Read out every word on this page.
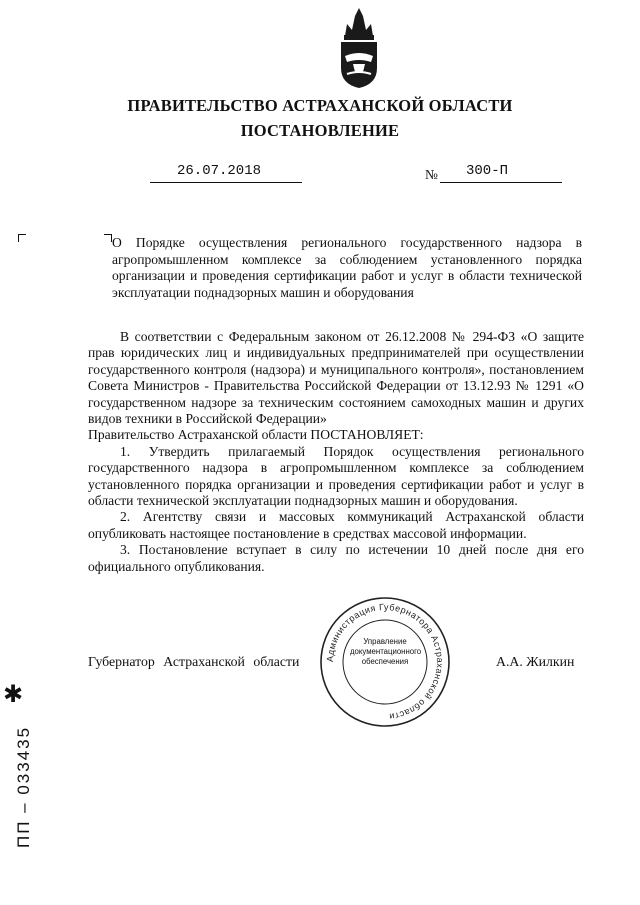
ПРАВИТЕЛЬСТВО АСТРАХАНСКОЙ ОБЛАСТИ
ПОСТАНОВЛЕНИЕ
26.07.2018	№ 300-П
О Порядке осуществления регионального государственного надзора в агропромышленном комплексе за соблюдением установленного порядка организации и проведения сертификации работ и услуг в области технической эксплуатации поднадзорных машин и оборудования

В соответствии с Федеральным законом от 26.12.2008 № 294-ФЗ «О защите прав юридических лиц и индивидуальных предпринимателей при осуществлении государственного контроля (надзора) и муниципального контроля», постановлением Совета Министров - Правительства Российской Федерации от 13.12.93 № 1291 «О государственном надзоре за техническим состоянием самоходных машин и других видов техники в Российской Федерации»

Правительство Астраханской области ПОСТАНОВЛЯЕТ:

1. Утвердить прилагаемый Порядок осуществления регионального государственного надзора в агропромышленном комплексе за соблюдением установленного порядка организации и проведения сертификации работ и услуг в области технической эксплуатации поднадзорных машин и оборудования.

2. Агентству связи и массовых коммуникаций Астраханской области опубликовать настоящее постановление в средствах массовой информации.

3. Постановление вступает в силу по истечении 10 дней после дня его официального опубликования.

Губернатор Астраханской области	А.А. Жилкин
Администрация Губернатора Астраханской области
Управление
документационного
обеспечения
✱
ПП – 033435
